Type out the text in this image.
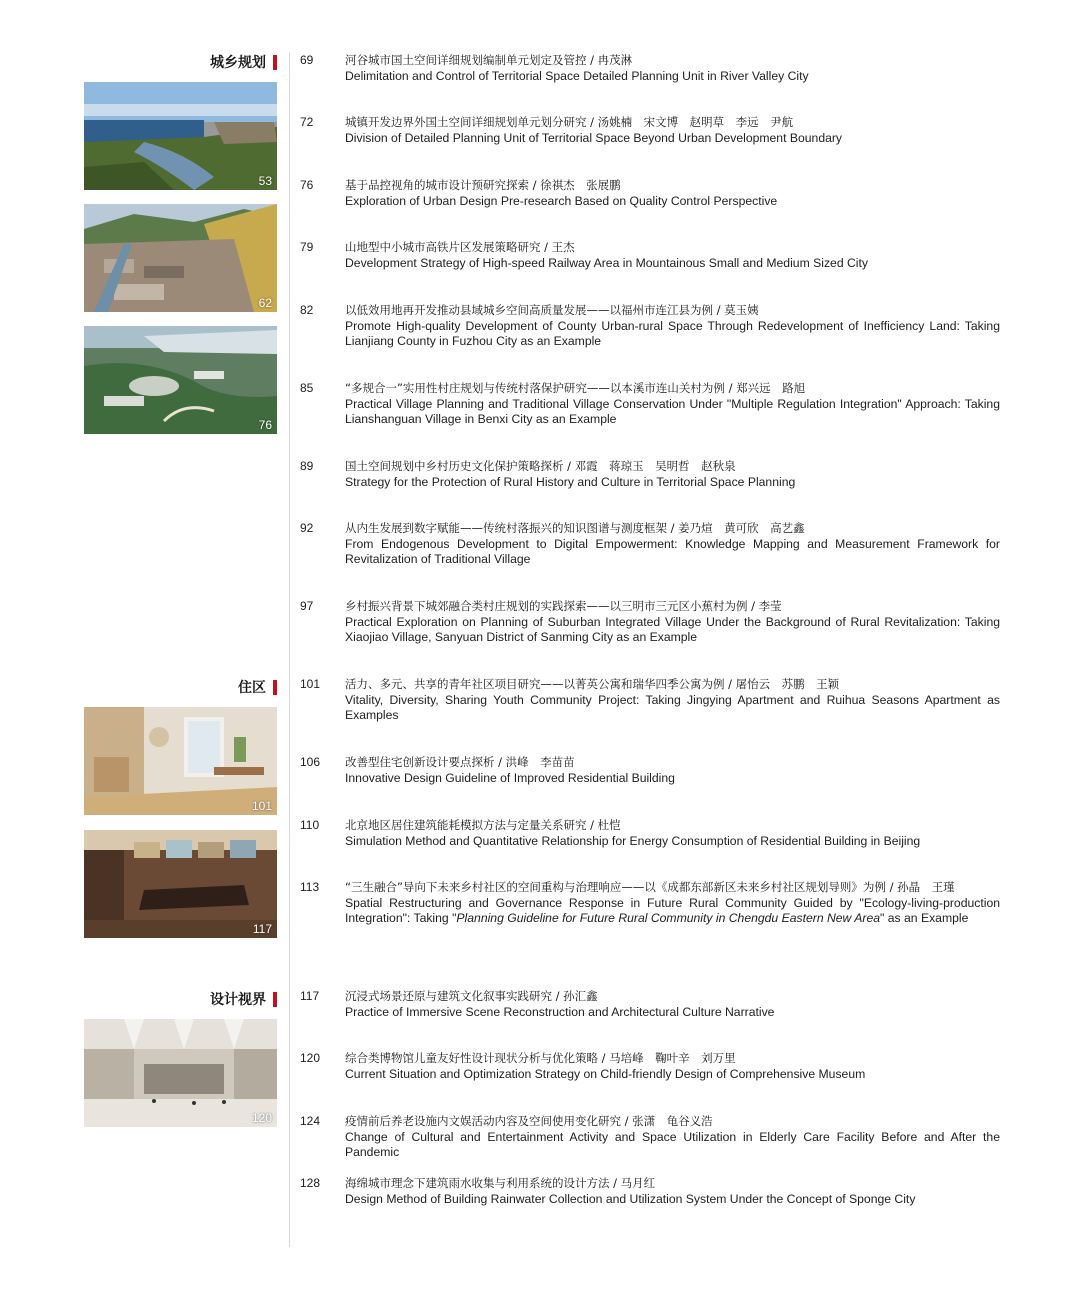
城乡规划
住区
设计视界
53
62
76
101
117
120
69	河谷城市国土空间详细规划编制单元划定及管控 / 冉茂淋
Delimitation and Control of Territorial Space Detailed Planning Unit in River Valley City
72	城镇开发边界外国土空间详细规划单元划分研究 / 汤姚楠　宋文博　赵明草　李远　尹航
Division of Detailed Planning Unit of Territorial Space Beyond Urban Development Boundary
76	基于品控视角的城市设计预研究探索 / 徐祺杰　张展鹏
Exploration of Urban Design Pre-research Based on Quality Control Perspective
79	山地型中小城市高铁片区发展策略研究 / 王杰
Development Strategy of High-speed Railway Area in Mountainous Small and Medium Sized City
82	以低效用地再开发推动县域城乡空间高质量发展——以福州市连江县为例 / 莫玉姨
Promote High-quality Development of County Urban-rural Space Through Redevelopment of Inefficiency Land: Taking Lianjiang County in Fuzhou City as an Example
85	“多规合一”实用性村庄规划与传统村落保护研究——以本溪市连山关村为例 / 郑兴远　路旭
Practical Village Planning and Traditional Village Conservation Under "Multiple Regulation Integration" Approach: Taking Lianshanguan Village in Benxi City as an Example
89	国土空间规划中乡村历史文化保护策略探析 / 邓霞　蒋琼玉　吴明哲　赵秋泉
Strategy for the Protection of Rural History and Culture in Territorial Space Planning
92	从内生发展到数字赋能——传统村落振兴的知识图谱与测度框架 / 姜乃煊　黄可欣　高艺鑫
From Endogenous Development to Digital Empowerment: Knowledge Mapping and Measurement Framework for Revitalization of Traditional Village
97	乡村振兴背景下城郊融合类村庄规划的实践探索——以三明市三元区小蕉村为例 / 李莹
Practical Exploration on Planning of Suburban Integrated Village Under the Background of Rural Revitalization: Taking Xiaojiao Village, Sanyuan District of Sanming City as an Example
101	活力、多元、共享的青年社区项目研究——以菁英公寓和瑞华四季公寓为例 / 屠怡云　苏鹏　王颖
Vitality, Diversity, Sharing Youth Community Project: Taking Jingying Apartment and Ruihua Seasons Apartment as Examples
106	改善型住宅创新设计要点探析 / 洪峰　李苗苗
Innovative Design Guideline of Improved Residential Building
110	北京地区居住建筑能耗模拟方法与定量关系研究 / 杜恺
Simulation Method and Quantitative Relationship for Energy Consumption of Residential Building in Beijing
113	“三生融合”导向下未来乡村社区的空间重构与治理响应——以《成都东部新区未来乡村社区规划导则》为例 / 孙晶　王瑾
Spatial Restructuring and Governance Response in Future Rural Community Guided by "Ecology-living-production Integration": Taking "Planning Guideline for Future Rural Community in Chengdu Eastern New Area" as an Example
117	沉浸式场景还原与建筑文化叙事实践研究 / 孙汇鑫
Practice of Immersive Scene Reconstruction and Architectural Culture Narrative
120	综合类博物馆儿童友好性设计现状分析与优化策略 / 马培峰　鞠叶辛　刘万里
Current Situation and Optimization Strategy on Child-friendly Design of Comprehensive Museum
124	疫情前后养老设施内文娱活动内容及空间使用变化研究 / 张潇　龟谷义浩
Change of Cultural and Entertainment Activity and Space Utilization in Elderly Care Facility Before and After the Pandemic
128	海绵城市理念下建筑雨水收集与利用系统的设计方法 / 马月红
Design Method of Building Rainwater Collection and Utilization System Under the Concept of Sponge City
